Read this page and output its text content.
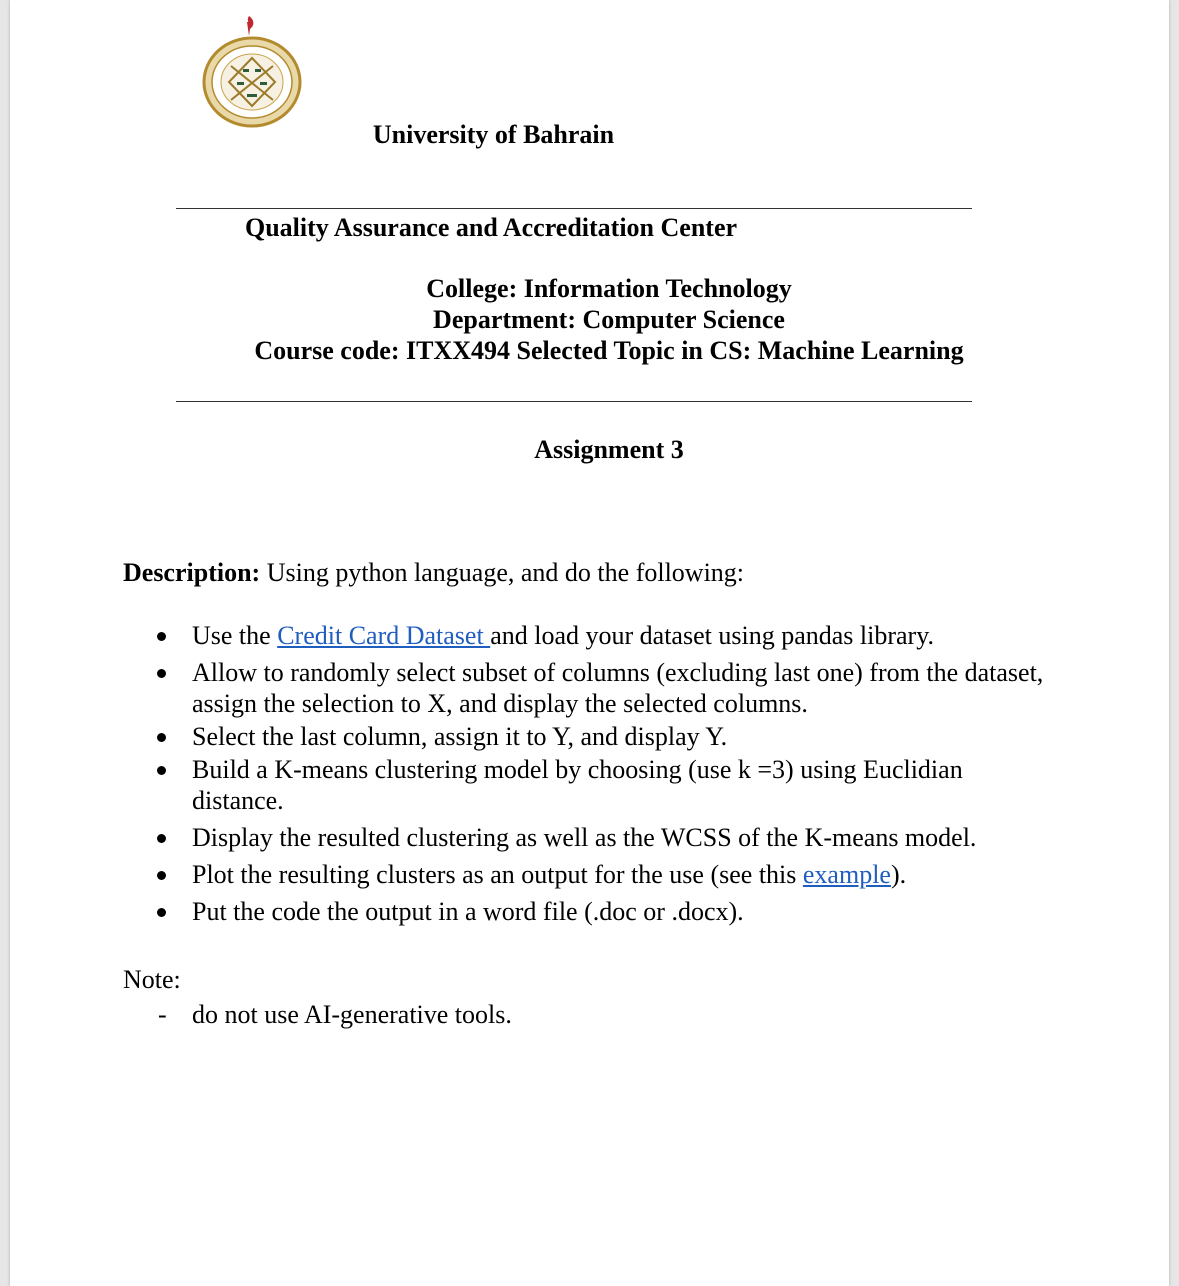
University of Bahrain
Quality Assurance and Accreditation Center
College: Information Technology
Department: Computer Science
Course code: ITXX494 Selected Topic in CS: Machine Learning
Assignment 3
Description: Using python language, and do the following:
Use the Credit Card Dataset and load your dataset using pandas library.
Allow to randomly select subset of columns (excluding last one) from the dataset, assign the selection to X, and display the selected columns.
Select the last column, assign it to Y, and display Y.
Build a K-means clustering model by choosing (use k =3) using Euclidian distance.
Display the resulted clustering as well as the WCSS of the K-means model.
Plot the resulting clusters as an output for the use (see this example).
Put the code the output in a word file (.doc or .docx).
Note:
- do not use AI-generative tools.
